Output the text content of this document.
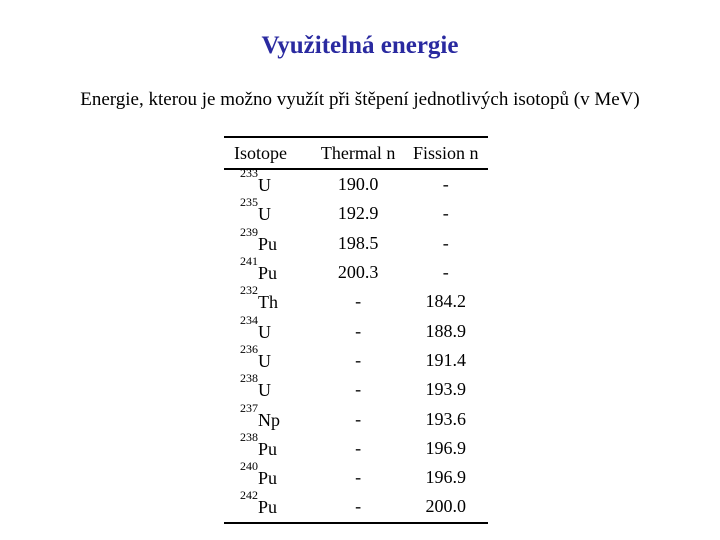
Využitelná energie
Energie, kterou je možno využít při štěpení jednotlivých isotopů (v MeV)
Isotope	Thermal n	Fission n
$^{233}$U	190.0	-
$^{235}$U	192.9	-
$^{239}$Pu	198.5	-
$^{241}$Pu	200.3	-
$^{232}$Th	-	184.2
$^{234}$U	-	188.9
$^{236}$U	-	191.4
$^{238}$U	-	193.9
$^{237}$Np	-	193.6
$^{238}$Pu	-	196.9
$^{240}$Pu	-	196.9
$^{242}$Pu	-	200.0
